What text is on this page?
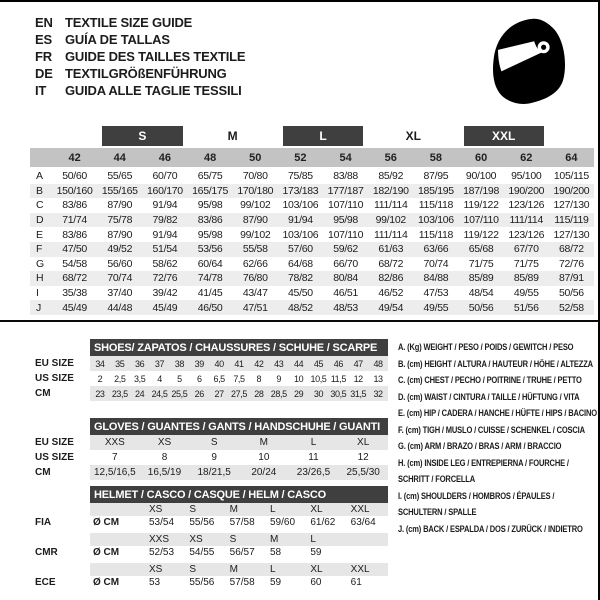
EN TEXTILE SIZE GUIDE
ES	GUÍA DE TALLAS
FR	GUIDE DES TAILLES TEXTILE
DE TEXTILGRÖßENFÜHRUNG
IT	GUIDA ALLE TAGLIE TESSILI
S	M	L	XL	XXL
42	44	46	48	50	52	54	56	58	60	62	64
A	50/60	55/65	60/70	65/75	70/80	75/85	83/88	85/92	87/95	90/100	95/100	105/115
B	150/160 155/165 160/170 165/175 170/180 173/183 177/187 182/190 185/195 187/198 190/200 190/200
C	83/86	87/90	91/94	95/98	99/102	103/106 107/110	111/114	115/118 119/122 123/126 127/130
D	71/74	75/78	79/82	83/86	87/90	91/94	95/98	99/102	103/106 107/110	111/114	115/119
E	83/86	87/90	91/94	95/98	99/102	103/106 107/110	111/114	115/118 119/122 123/126 127/130
F	47/50	49/52	51/54	53/56	55/58	57/60	59/62	61/63	63/66	65/68	67/70	68/72
G	54/58	56/60	58/62	60/64	62/66	64/68	66/70	68/72	70/74	71/75	71/75	72/76
H	68/72	70/74	72/76	74/78	76/80	78/82	80/84	82/86	84/88	85/89	85/89	87/91
I	35/38	37/40	39/42	41/45	43/47	45/50	46/51	46/52	47/53	48/54	49/55	50/56
J	45/49	44/48	45/49	46/50	47/51	48/52	48/53	49/54	49/55	50/56	51/56	52/58
SHOES/ ZAPATOS / CHAUSSURES / SCHUHE / SCARPE
EU SIZE	34	35	36	37	38	39	40	41	42	43	44	45	46	47	48
US SIZE	2	2,5 3,5	4	5	6	6,5 7,5	8	9	10 10,5 11,5 12	13
CM	23 23,5 24 24,5 25,5 26	27 27,5 28 28,5 29	30 30,5 31,5 32
GLOVES / GUANTES / GANTS / HANDSCHUHE / GUANTI
EU SIZE	XXS	XS	S	M	L	XL
US SIZE	7	8	9	10	11	12
CM	12,5/16,5	16,5/19	18/21,5	20/24	23/26,5	25,5/30
HELMET / CASCO / CASQUE / HELM / CASCO
XS	S	M	L	XL	XXL
FIA	Ø CM	53/54	55/56	57/58	59/60	61/62	63/64
XXS	XS	S	M	L
CMR	Ø CM	52/53	54/55	56/57	58	59
XS	S	M	L	XL	XXL
ECE	Ø CM	53	55/56	57/58	59	60	61
A. (Kg) WEIGHT / PESO / POIDS / GEWITCH / PESO
B. (cm) HEIGHT / ALTURA / HAUTEUR / HÖHE / ALTEZZA
C. (cm) CHEST / PECHO / POITRINE / TRUHE / PETTO
D. (cm) WAIST / CINTURA / TAILLE / HÜFTUNG / VITA
E. (cm) HIP / CADERA / HANCHE / HÜFTE / HIPS / BACINO
F. (cm) TIGH / MUSLO / CUISSE / SCHENKEL / COSCIA
G. (cm) ARM / BRAZO / BRAS / ARM / BRACCIO
H. (cm) INSIDE LEG / ENTREPIERNA / FOURCHE / SCHRITT / FORCELLA
I. (cm) SHOULDERS / HOMBROS / ÉPAULES / SCHULTERN / SPALLE
J. (cm) BACK / ESPALDA / DOS / ZURÜCK / INDIETRO
